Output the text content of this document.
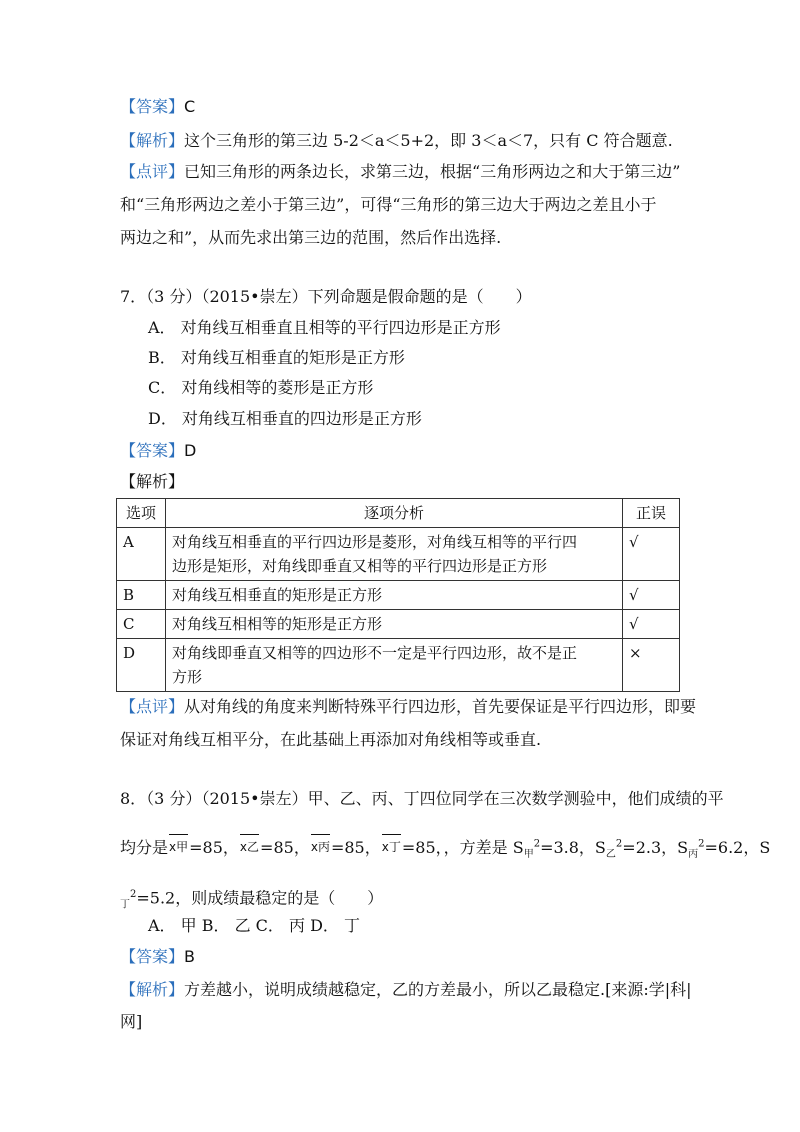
【答案】C
【解析】这个三角形的第三边 5-2＜a＜5+2，即 3＜a＜7，只有 C 符合题意.
【点评】已知三角形的两条边长，求第三边，根据“三角形两边之和大于第三边”
和“三角形两边之差小于第三边”，可得“三角形的第三边大于两边之差且小于
两边之和”，从而先求出第三边的范围，然后作出选择.
7．（3 分）（2015•崇左）下列命题是假命题的是（　　）
A． 对角线互相垂直且相等的平行四边形是正方形
B． 对角线互相垂直的矩形是正方形
C． 对角线相等的菱形是正方形
D． 对角线互相垂直的四边形是正方形
【答案】D
【解析】
选项	逐项分析	正误
A	对角线互相垂直的平行四边形是菱形，对角线互相等的平行四
边形是矩形，对角线即垂直又相等的平行四边形是正方形	√
B	对角线互相垂直的矩形是正方形	√
C	对角线互相相等的矩形是正方形	√
D	对角线即垂直又相等的四边形不一定是平行四边形，故不是正
方形	×
【点评】从对角线的角度来判断特殊平行四边形，首先要保证是平行四边形，即要
保证对角线互相平分，在此基础上再添加对角线相等或垂直.
8．（3 分）（2015•崇左）甲、乙、丙、丁四位同学在三次数学测验中，他们成绩的平
均分是x甲=85，x乙=85，x丙=85，x丁=85，，方差是 $S_甲^2=3.8$，$S_乙^2=2.3$，$S_丙^2=6.2$，S
$_丁^2$=5.2，则成绩最稳定的是（　　）
A． 甲 B． 乙 C． 丙 D． 丁
【答案】B
【解析】方差越小，说明成绩越稳定，乙的方差最小，所以乙最稳定.[来源:学|科|
网]
